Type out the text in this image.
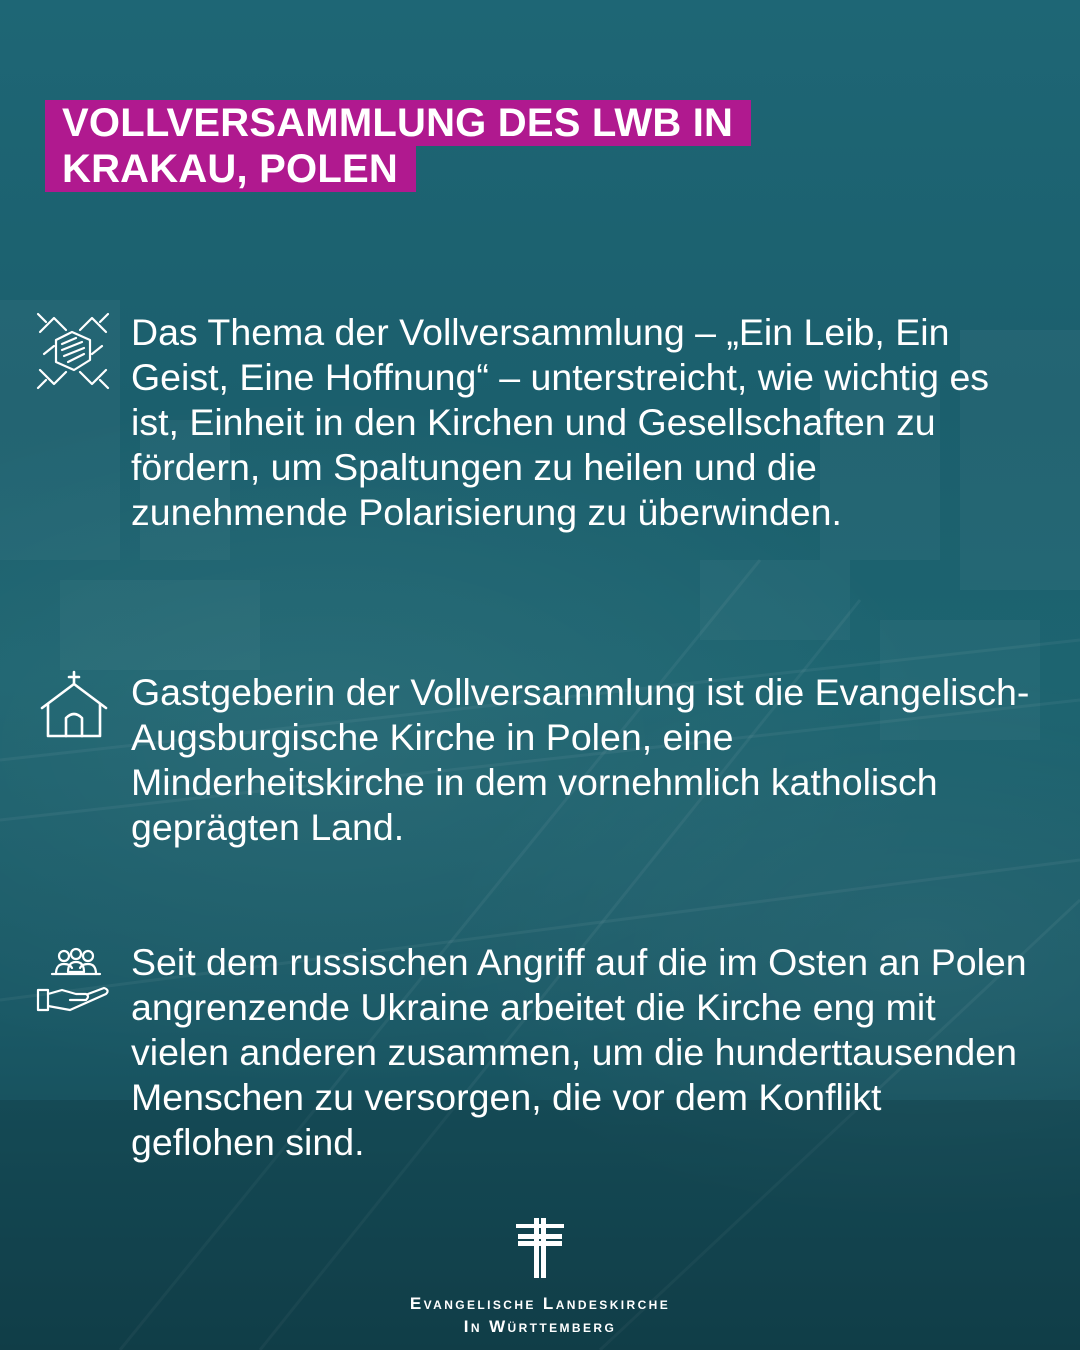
VOLLVERSAMMLUNG DES LWB IN
KRAKAU, POLEN

Das Thema der Vollversammlung – „Ein Leib, Ein Geist, Eine Hoffnung“ – unterstreicht, wie wichtig es ist, Einheit in den Kirchen und Gesellschaften zu fördern, um Spaltungen zu heilen und die zunehmende Polarisierung zu überwinden.

Gastgeberin der Vollversammlung ist die Evangelisch-Augsburgische Kirche in Polen, eine Minderheitskirche in dem vornehmlich katholisch geprägten Land.

Seit dem russischen Angriff auf die im Osten an Polen angrenzende Ukraine arbeitet die Kirche eng mit vielen anderen zusammen, um die hunderttausenden Menschen zu versorgen, die vor dem Konflikt geflohen sind.

Evangelische Landeskirche
In Württemberg
